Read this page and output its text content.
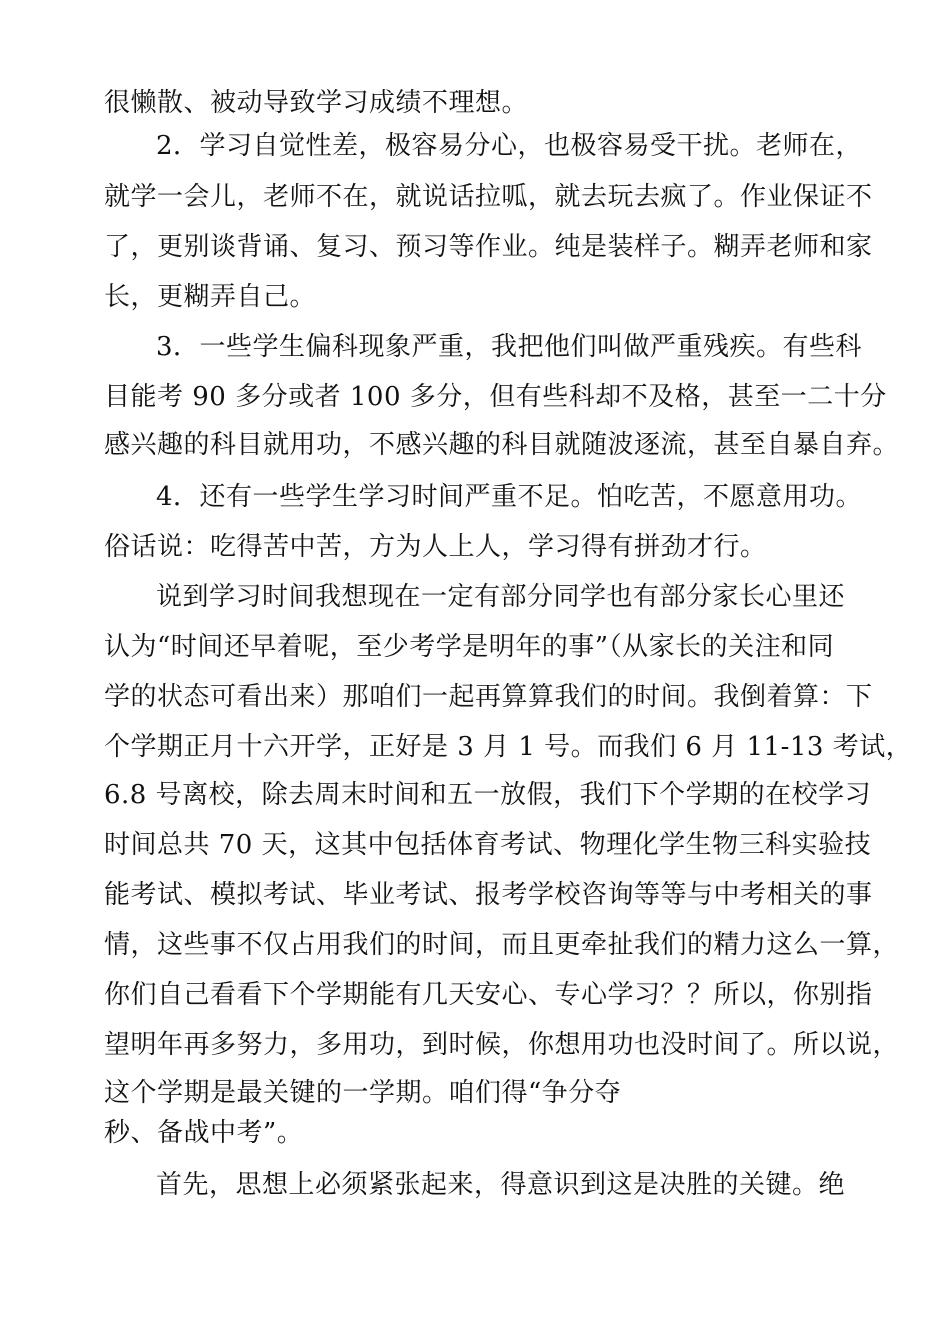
很懒散、被动导致学习成绩不理想。
2．学习自觉性差，极容易分心，也极容易受干扰。老师在，
就学一会儿，老师不在，就说话拉呱，就去玩去疯了。作业保证不
了，更别谈背诵、复习、预习等作业。纯是装样子。糊弄老师和家
长，更糊弄自己。
3．一些学生偏科现象严重，我把他们叫做严重残疾。有些科
目能考 90 多分或者 100 多分，但有些科却不及格，甚至一二十分
感兴趣的科目就用功，不感兴趣的科目就随波逐流，甚至自暴自弃。
4．还有一些学生学习时间严重不足。怕吃苦，不愿意用功。
俗话说：吃得苦中苦，方为人上人，学习得有拼劲才行。
说到学习时间我想现在一定有部分同学也有部分家长心里还
认为“时间还早着呢，至少考学是明年的事”（从家长的关注和同
学的状态可看出来）那咱们一起再算算我们的时间。我倒着算：下
个学期正月十六开学，正好是 3 月 1 号。而我们 6 月 11-13 考试，
6.8 号离校，除去周末时间和五一放假，我们下个学期的在校学习
时间总共 70 天，这其中包括体育考试、物理化学生物三科实验技
能考试、模拟考试、毕业考试、报考学校咨询等等与中考相关的事
情，这些事不仅占用我们的时间，而且更牵扯我们的精力这么一算，
你们自己看看下个学期能有几天安心、专心学习？？所以，你别指
望明年再多努力，多用功，到时候，你想用功也没时间了。所以说，
这个学期是最关键的一学期。咱们得“争分夺
秒、备战中考”。
首先，思想上必须紧张起来，得意识到这是决胜的关键。绝
